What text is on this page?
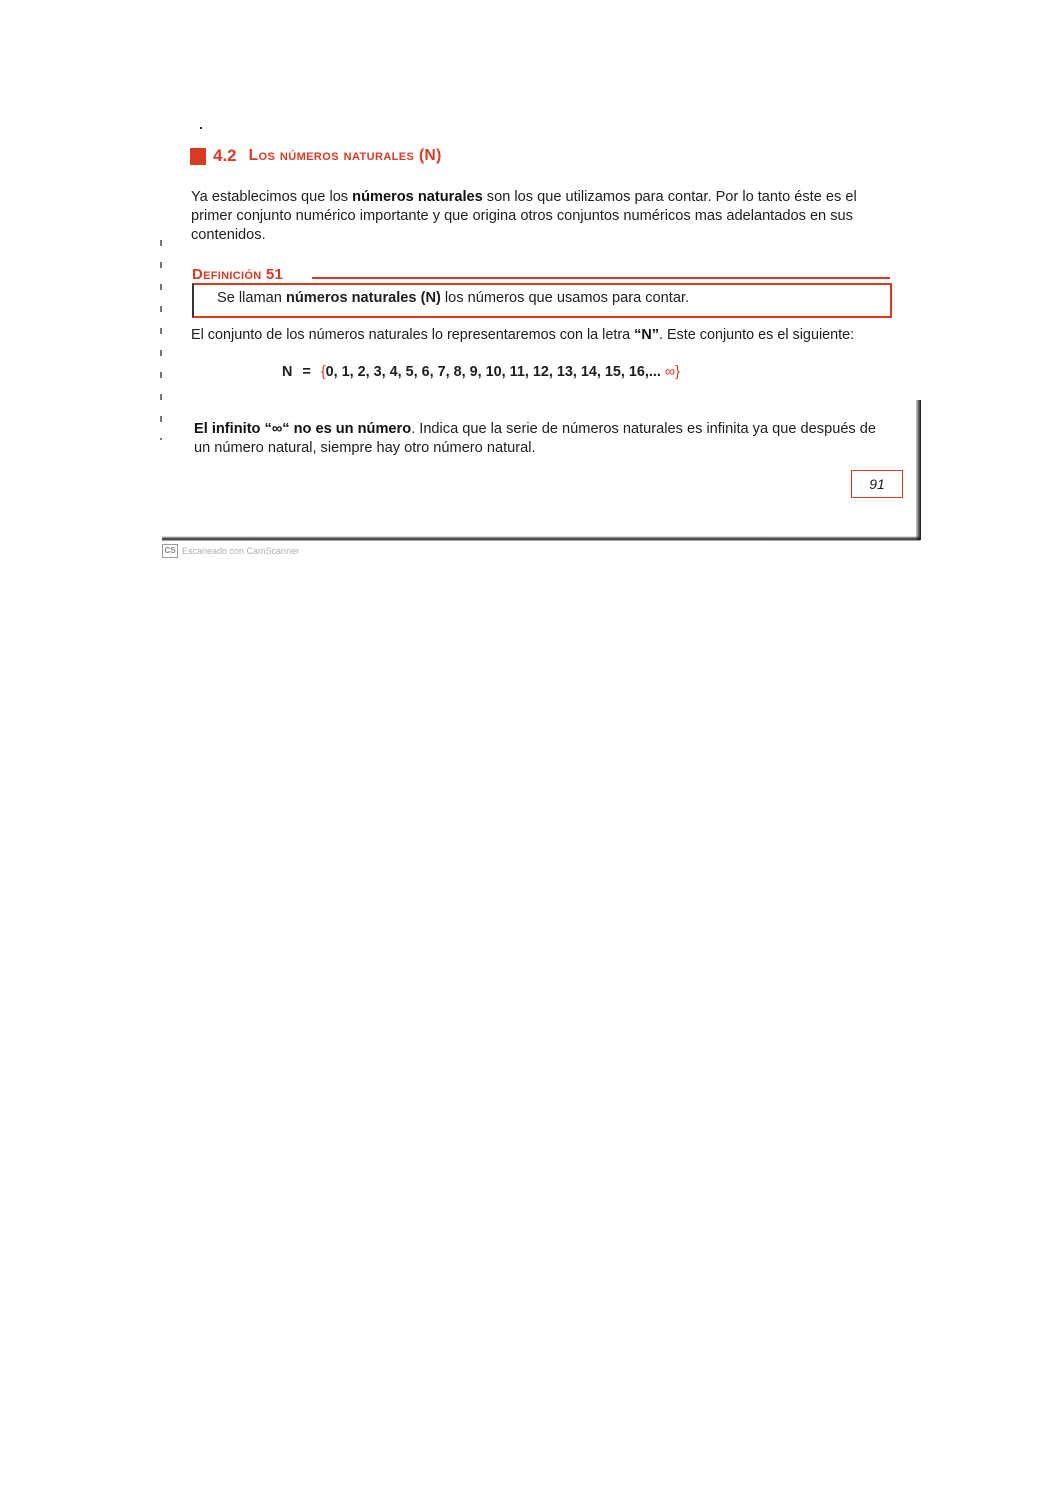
4.2 Los números naturales (N)

Ya establecimos que los números naturales son los que utilizamos para contar. Por lo tanto éste es el primer conjunto numérico importante y que origina otros conjuntos numéricos mas adelantados en sus contenidos.

Definición 51
Se llaman números naturales (N) los números que usamos para contar.

El conjunto de los números naturales lo representaremos con la letra “N”. Este conjunto es el siguiente:

N = {0, 1, 2, 3, 4, 5, 6, 7, 8, 9, 10, 11, 12, 13, 14, 15, 16,... ∞}

El infinito “∞“ no es un número. Indica que la serie de números naturales es infinita ya que después de un número natural, siempre hay otro número natural.

91
CS Escaneado con CamScanner
